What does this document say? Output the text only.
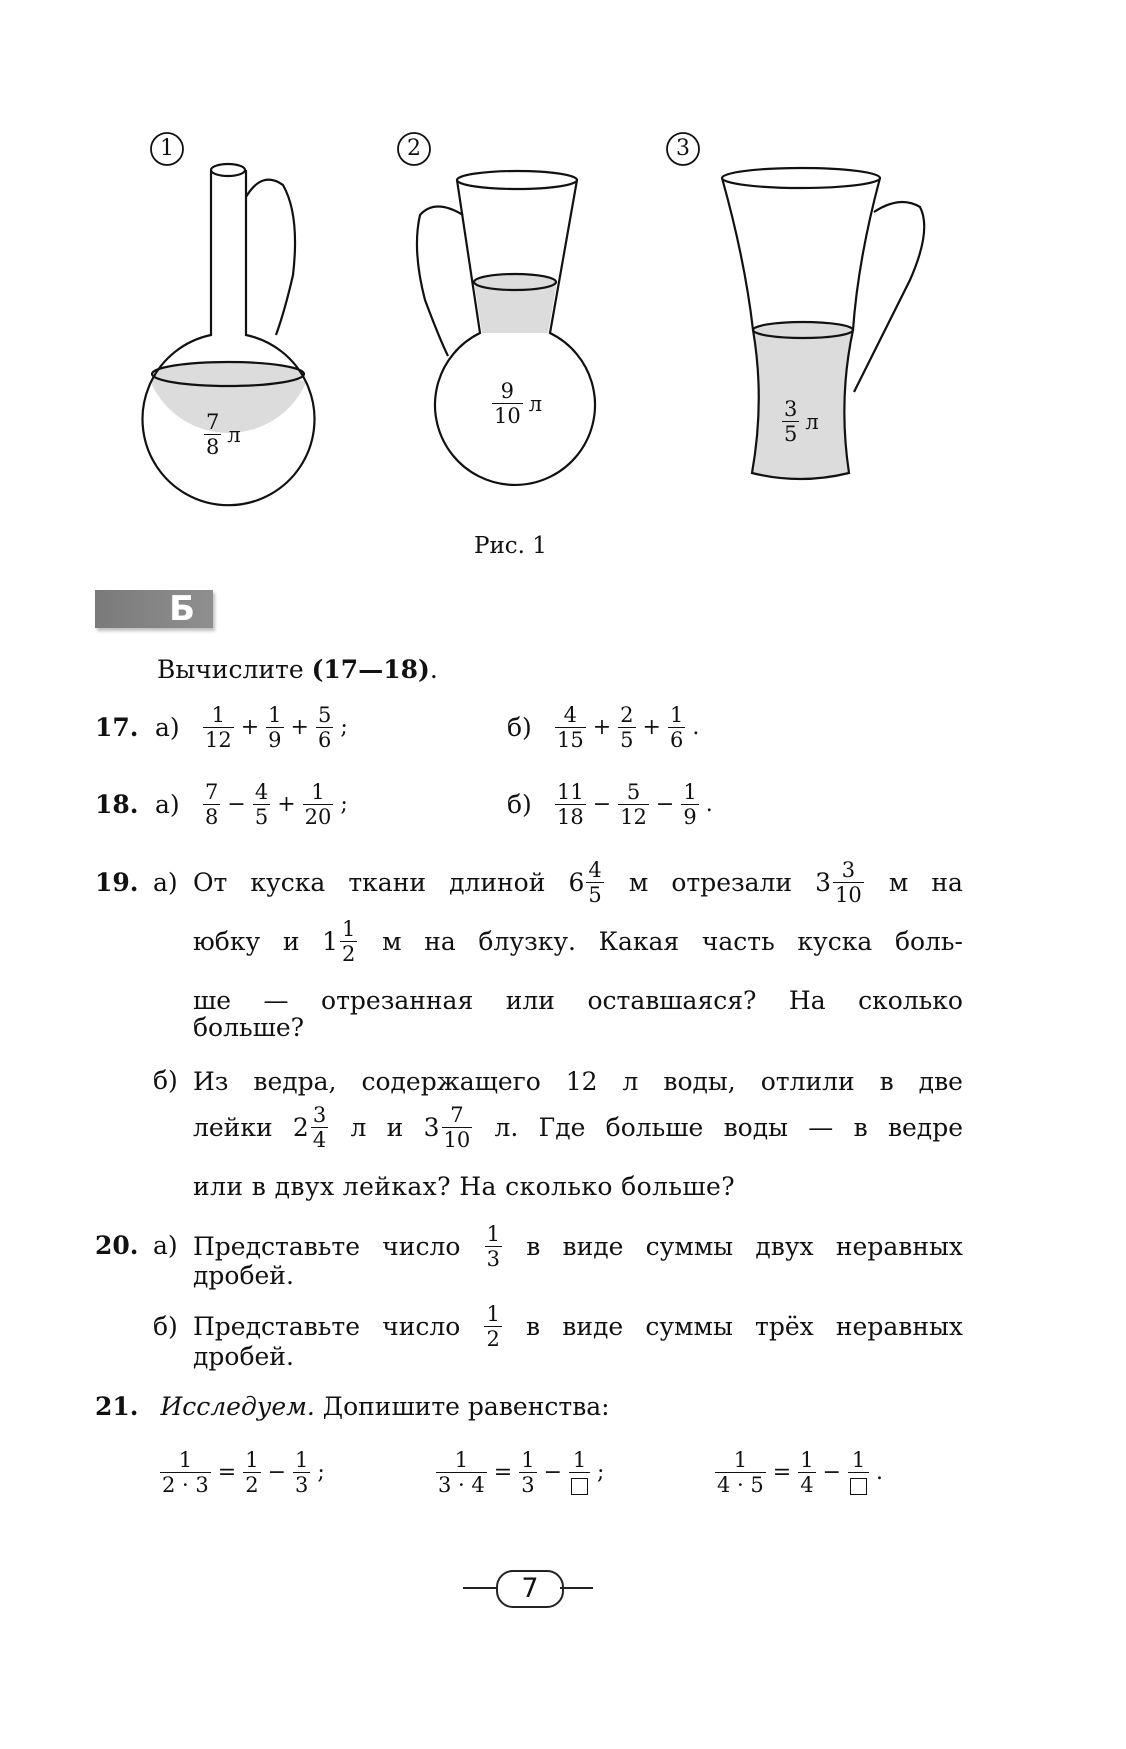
1	2	3
$\frac{7}{8}$ л
$\frac{9}{10}$ л	$\frac{3}{5}$ л
Рис. 1
Б
Вычислите (17—18).
17. а)	$\frac{1}{12} + \frac{1}{9} + \frac{5}{6}$ ;	б)	$\frac{4}{15} + \frac{2}{5} + \frac{1}{6}$ .
18. а)	$\frac{7}{8} - \frac{4}{5} + \frac{1}{20}$ ;	б)	$\frac{11}{18} - \frac{5}{12} - \frac{1}{9}$ .
19. а) От куска ткани длиной $6 \frac{4}{5}$ м отрезали $3 \frac{3}{10}$ м на
юбку и $1 \frac{1}{2}$ м на блузку. Какая часть куска боль-
ше — отрезанная или оставшаяся? На сколько
больше?
б) Из ведра, содержащего 12 л воды, отлили в две
лейки $2 \frac{3}{4}$ л и $3 \frac{7}{10} л$. Где больше воды — в ведре
или в двух лейках? На сколько больше?
20. а) Представьте число $\frac{1}{3}$ в виде суммы двух неравных
дробей.
б) Представьте число $\frac{1}{2}$ в виде суммы трёх неравных
дробей.
21. Исследуем. Допишите равенства:
$\frac{1}{2 \cdot 3} = \frac{1}{2} - \frac{1}{3}$ ;	$\frac{1}{3 \cdot 4} = \frac{1}{3} - 1$ ;	$\frac{1}{4 \cdot 5} = \frac{1}{4} - 1$ .
7
